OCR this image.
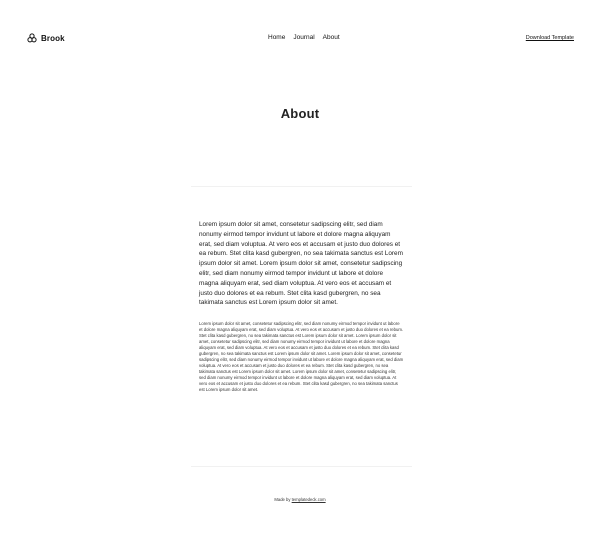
Brook	Home Journal About	Download Template
About

Lorem ipsum dolor sit amet, consetetur sadipscing elitr, sed diam nonumy eirmod tempor invidunt ut labore et dolore magna aliquyam erat, sed diam voluptua. At vero eos et accusam et justo duo dolores et ea rebum. Stet clita kasd gubergren, no sea takimata sanctus est Lorem ipsum dolor sit amet. Lorem ipsum dolor sit amet, consetetur sadipscing elitr, sed diam nonumy eirmod tempor invidunt ut labore et dolore magna aliquyam erat, sed diam voluptua. At vero eos et accusam et justo duo dolores et ea rebum. Stet clita kasd gubergren, no sea takimata sanctus est Lorem ipsum dolor sit amet.

Lorem ipsum dolor sit amet, consetetur sadipscing elitr, sed diam nonumy eirmod tempor invidunt ut labore et dolore magna aliquyam erat, sed diam voluptua. At vero eos et accusam et justo duo dolores et ea rebum. Stet clita kasd gubergren, no sea takimata sanctus est Lorem ipsum dolor sit amet. Lorem ipsum dolor sit amet, consetetur sadipscing elitr, sed diam nonumy eirmod tempor invidunt ut labore et dolore magna aliquyam erat, sed diam voluptua. At vero eos et accusam et justo duo dolores et ea rebum. Stet clita kasd gubergren, no sea takimata sanctus est Lorem ipsum dolor sit amet. Lorem ipsum dolor sit amet, consetetur sadipscing elitr, sed diam nonumy eirmod tempor invidunt ut labore et dolore magna aliquyam erat, sed diam voluptua. At vero eos et accusam et justo duo dolores et ea rebum. Stet clita kasd gubergren, no sea takimata sanctus est Lorem ipsum dolor sit amet. Lorem ipsum dolor sit amet, consetetur sadipscing elitr, sed diam nonumy eirmod tempor invidunt ut labore et dolore magna aliquyam erat, sed diam voluptua. At vero eos et accusam et justo duo dolores et ea rebum. Stet clita kasd gubergren, no sea takimata sanctus est Lorem ipsum dolor sit amet.

Made by templatedeck.com
